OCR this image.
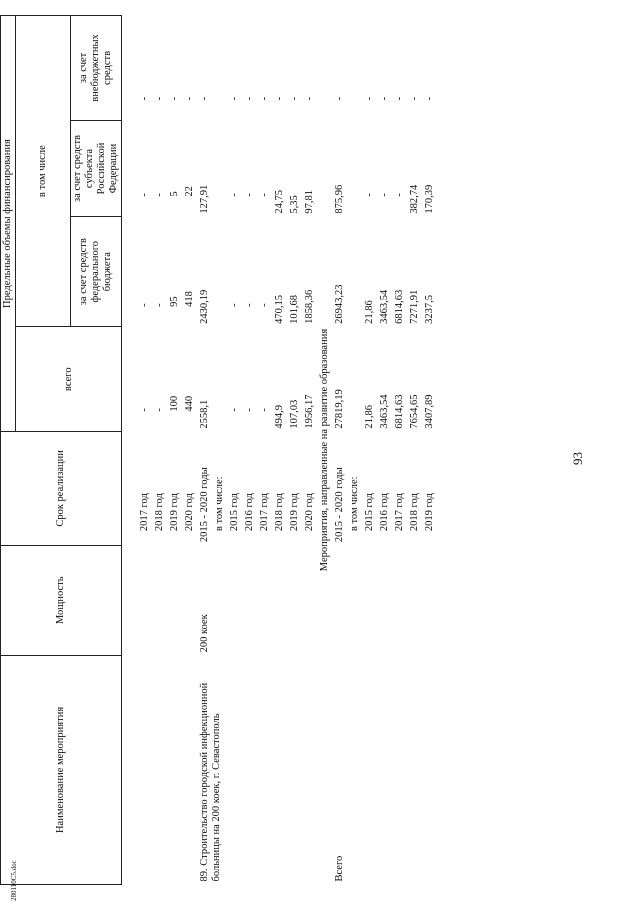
280110C5.doc
93
Наименование мероприятия	Мощность	Срок реализации	Предельные объемы финансирования			
			всего	в том числе		
				за счет средств федерального бюджета	за счет средств субъекта Российской Федерации	за счет внебюджетных средств

		2017 год	-	-	-	-
		2018 год	-	-	-	-
		2019 год	100	95	5	-
		2020 год	440	418	22	-
89. Строительство городской инфекционной больницы на 200 коек, г. Севастополь	200 коек	2015 - 2020 годы	2558,1	2430,19	127,91	-
		в том числе:				
		2015 год	-	-	-	-
		2016 год	-	-	-	-
		2017 год	-	-	-	-
		2018 год	494,9	470,15	24,75	-
		2019 год	107,03	101,68	5,35	-
		2020 год	1956,17	1858,36	97,81	-
Мероприятия, направленные на развитие образования						
Всего		2015 - 2020 годы	27819,19	26943,23	875,96	-
		в том числе:				
		2015 год	21,86	21,86	-	-
		2016 год	3463,54	3463,54	-	-
		2017 год	6814,63	6814,63	-	-
		2018 год	7654,65	7271,91	382,74	-
		2019 год	3407,89	3237,5	170,39	-
